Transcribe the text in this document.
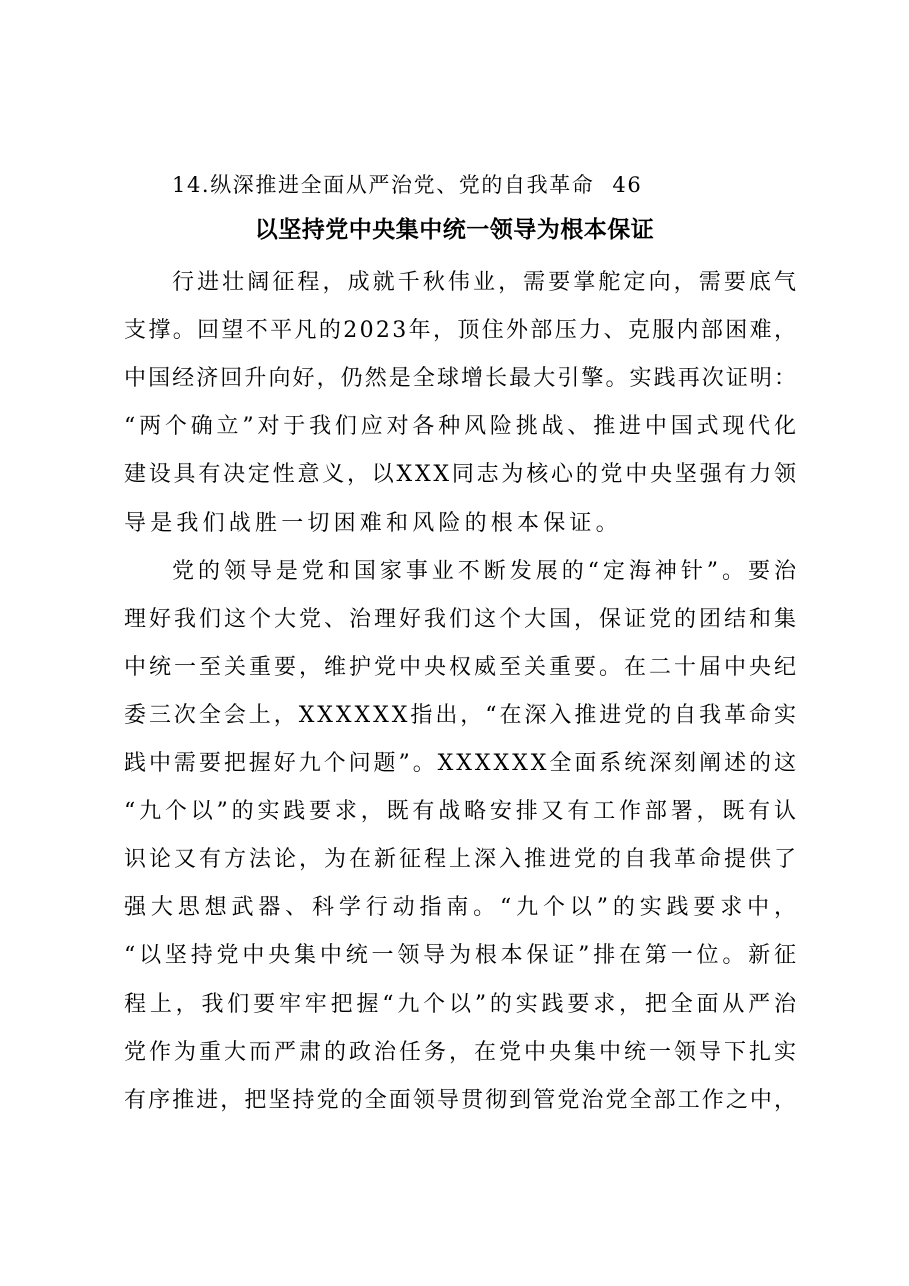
14.纵深推进全面从严治党、党的自我革命 46
以坚持党中央集中统一领导为根本保证
行进壮阔征程，成就千秋伟业，需要掌舵定向，需要底气
支撑。回望不平凡的2023年，顶住外部压力、克服内部困难，
中国经济回升向好，仍然是全球增长最大引擎。实践再次证明：
“两个确立”对于我们应对各种风险挑战、推进中国式现代化
建设具有决定性意义，以XXX同志为核心的党中央坚强有力领
导是我们战胜一切困难和风险的根本保证。
党的领导是党和国家事业不断发展的“定海神针”。要治
理好我们这个大党、治理好我们这个大国，保证党的团结和集
中统一至关重要，维护党中央权威至关重要。在二十届中央纪
委三次全会上，XXXXXX指出，“在深入推进党的自我革命实
践中需要把握好九个问题”。XXXXXX全面系统深刻阐述的这
“九个以”的实践要求，既有战略安排又有工作部署，既有认
识论又有方法论，为在新征程上深入推进党的自我革命提供了
强大思想武器、科学行动指南。“九个以”的实践要求中，
“以坚持党中央集中统一领导为根本保证”排在第一位。新征
程上，我们要牢牢把握“九个以”的实践要求，把全面从严治
党作为重大而严肃的政治任务，在党中央集中统一领导下扎实
有序推进，把坚持党的全面领导贯彻到管党治党全部工作之中，
